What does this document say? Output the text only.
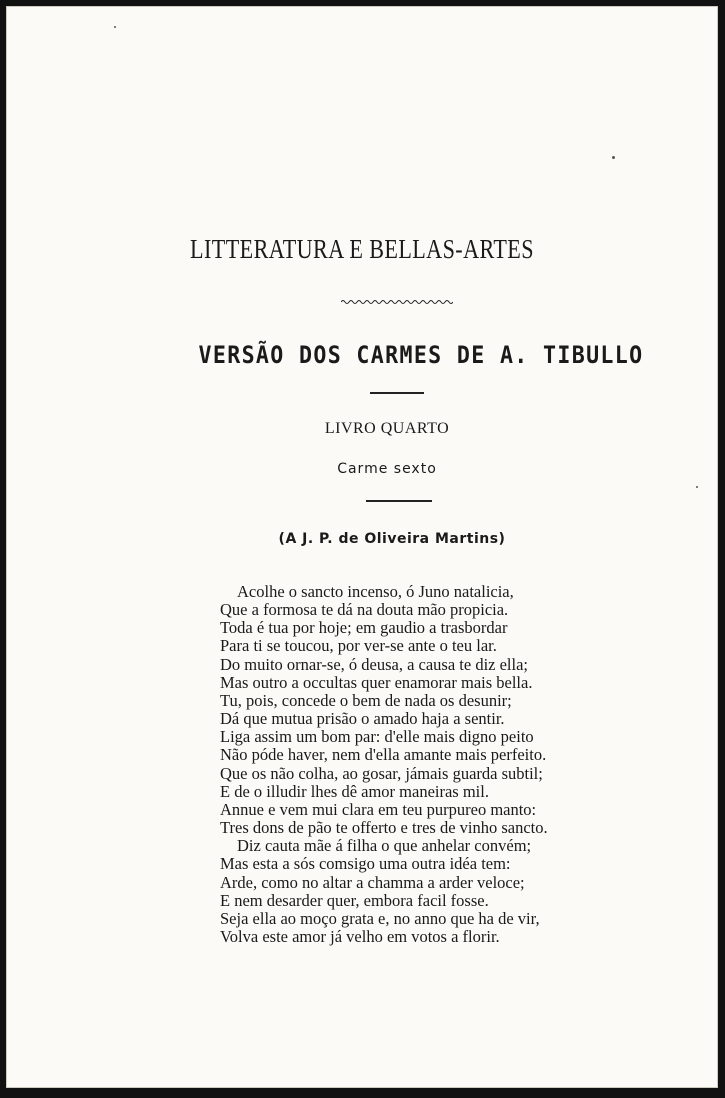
LITTERATURA E BELLAS-ARTES
VERSÃO DOS CARMES DE A. TIBULLO
LIVRO QUARTO
Carme sexto
(A J. P. de Oliveira Martins)
Acolhe o sancto incenso, ó Juno natalicia,
Que a formosa te dá na douta mão propicia.
Toda é tua por hoje; em gaudio a trasbordar
Para ti se toucou, por ver-se ante o teu lar.
Do muito ornar-se, ó deusa, a causa te diz ella;
Mas outro a occultas quer enamorar mais bella.
Tu, pois, concede o bem de nada os desunir;
Dá que mutua prisão o amado haja a sentir.
Liga assim um bom par: d'elle mais digno peito
Não póde haver, nem d'ella amante mais perfeito.
Que os não colha, ao gosar, jámais guarda subtil;
E de o illudir lhes dê amor maneiras mil.
Annue e vem mui clara em teu purpureo manto:
Tres dons de pão te offerto e tres de vinho sancto.
Diz cauta mãe á filha o que anhelar convém;
Mas esta a sós comsigo uma outra idéa tem:
Arde, como no altar a chamma a arder veloce;
E nem desarder quer, embora facil fosse.
Seja ella ao moço grata e, no anno que ha de vir,
Volva este amor já velho em votos a florir.
